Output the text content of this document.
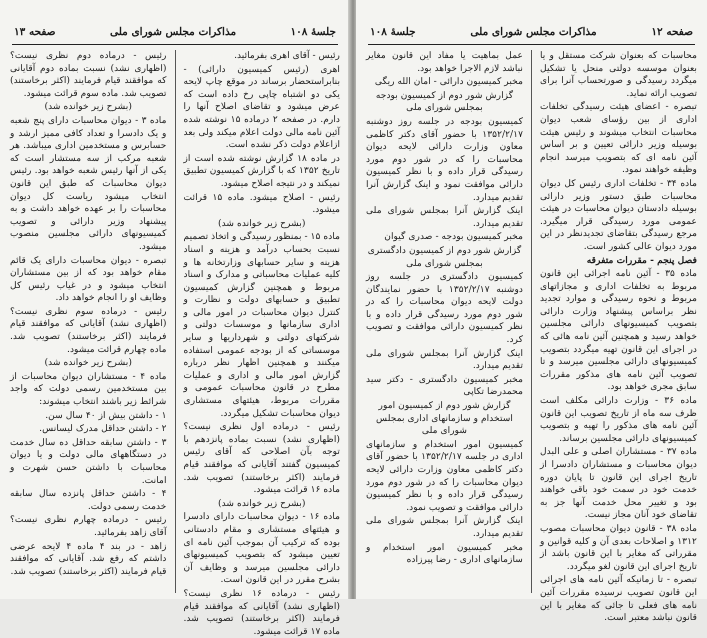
جلسهٔ ۱۰۸
مذاکرات مجلس شورای ملی
صفحه ۱۳

رئیس - آقای اهری بفرمائید.

اهری (رئیس کمیسیون دارائی) - بنابراستحضار برساند در موقع چاپ لایحه یکی دو اشتباه چاپی رخ داده است که عرض میشود و تقاضای اصلاح آنها را دارم. در صفحه ۲ درماده ۱۵ نوشته شده آئین نامه مالی دولت اعلام میکند ولی بعد ازاعلام دولت ذکر نشده است.

در ماده ۱۸ گزارش نوشته شده است از تاریخ ۱۳۵۲ که با گزارش کمیسیون تطبیق نمیکند و در نتیجه اصلاح میشود.

رئیس - اصلاح میشود. ماده ۱۵ قرائت میشود.

(بشرح زیر خوانده شد)

ماده ۱۵ - بمنظور رسیدگی و اتخاذ تصمیم نسبت بحساب درآمد و هزینه و اسناد هزینه و سایر حسابهای وزارتخانه ها و کلیه عملیات محاسباتی و مدارک و اسناد مربوط و همچنین گزارش کمیسیون تطبیق و حسابهای دولت و نظارت و کنترل دیوان محاسبات در امور مالی و اداری سازمانها و موسسات دولتی و شرکتهای دولتی و شهرداریها و سایر موسساتی که از بودجه عمومی استفاده میکنند و همچنین اظهار نظر درباره گزارش امور مالی و اداری و عملیات مطرح در قانون محاسبات عمومی و مقررات مربوط، هیئتهای مستشاری دیوان محاسبات تشکیل میگردد.

رئیس - درماده اول نظری نیست؟ (اظهاری نشد) نسبت بماده پانزدهم با توجه بآن اصلاحی که آقای رئیس کمیسیون گفتند آقایانی که موافقند قیام فرمایند (اکثر برخاستند) تصویب شد. ماده ۱۶ قرائت میشود.

(بشرح زیر خوانده شد)

ماده ۱۶ - دیوان محاسبات دارای دادسرا و هیئتهای مستشاری و مقام دادستانی بوده که ترکیب آن بموجب آئین نامه ای تعیین میشود که بتصویب کمیسیونهای دارائی مجلسین میرسد و وظایف آن بشرح مقرر در این قانون است.

رئیس - درماده ۱۶ نظری نیست؟ (اظهاری نشد) آقایانی که موافقند قیام فرمایند (اکثر برخاستند) تصویب شد. ماده ۱۷ قرائت میشود.

رئیس - درماده دوم نظری نیست؟ (اظهاری نشد) نسبت بماده دوم آقایانی که موافقند قیام فرمایند (اکثر برخاستند) تصویب شد. ماده سوم قرائت میشود.

(بشرح زیر خوانده شد)

ماده ۳ - دیوان محاسبات دارای پنج شعبه و یک دادسرا و تعداد کافی ممیز ارشد و حسابرس و مستخدمین اداری میباشد. هر شعبه مرکب از سه مستشار است که یکی از آنها رئیس شعبه خواهد بود. رئیس دیوان محاسبات که طبق این قانون انتخاب میشود ریاست کل دیوان محاسبات را بر عهده خواهد داشت و به پیشنهاد وزیر دارائی و تصویب کمیسیونهای دارائی مجلسین منصوب میشود.

تبصره - دیوان محاسبات دارای یک قائم مقام خواهد بود که از بین مستشاران انتخاب میشود و در غیاب رئیس کل وظایف او را انجام خواهد داد.

رئیس - درماده سوم نظری نیست؟ (اظهاری نشد) آقایانی که موافقند قیام فرمایند (اکثر برخاستند) تصویب شد. ماده چهارم قرائت میشود.

(بشرح زیر خوانده شد)

ماده ۴ - مستشاران دیوان محاسبات از بین مستخدمین رسمی دولت که واجد شرائط زیر باشند انتخاب میشوند:

۱ - داشتن بیش از ۴۰ سال سن.

۲ - داشتن حداقل مدرک لیسانس.

۳ - داشتن سابقه حداقل ده سال خدمت در دستگاههای مالی دولت و یا دیوان محاسبات با داشتن حسن شهرت و امانت.

۴ - داشتن حداقل پانزده سال سابقه خدمت رسمی دولت.

رئیس - درماده چهارم نظری نیست؟ آقای زاهد بفرمائید.

زاهد - در بند ۴ ماده ۴ لایحه عرضی داشتم که رفع شد. آقایانی که موافقند قیام فرمایند (اکثر برخاستند) تصویب شد.

صفحه ۱۲
مذاکرات مجلس شورای ملی
جلسهٔ ۱۰۸

محاسبات که بعنوان شرکت مستقل و یا بعنوان موسسه دولتی منحل یا تشکیل میگردد رسیدگی و صورتحساب آنرا برای تصویب ارائه نماید.

تبصره - اعضای هیئت رسیدگی تخلفات اداری از بین رؤسای شعب دیوان محاسبات انتخاب میشوند و رئیس هیئت بوسیله وزیر دارائی تعیین و بر اساس آئین نامه ای که بتصویب میرسد انجام وظیفه خواهند نمود.

ماده ۳۴ - تخلفات اداری رئیس کل دیوان محاسبات طبق دستور وزیر دارائی بوسیله دادستان دیوان محاسبات در هیئت عمومی مورد رسیدگی قرار میگیرد. مرجع رسیدگی بتقاضای تجدیدنظر در این مورد دیوان عالی کشور است.

فصل پنجم - مقررات متفرقه

ماده ۳۵ - آئین نامه اجرائی این قانون مربوط به تخلفات اداری و مجازاتهای مربوط و نحوه رسیدگی و موارد تجدید نظر براساس پیشنهاد وزارت دارائی بتصویب کمیسیونهای دارائی مجلسین خواهد رسید و همچنین آئین نامه هائی که در اجرای این قانون تهیه میگردد بتصویب کمیسیونهای دارائی مجلسین میرسد و تا تصویب آئین نامه های مذکور مقررات سابق مجری خواهد بود.

ماده ۳۶ - وزارت دارائی مکلف است ظرف سه ماه از تاریخ تصویب این قانون آئین نامه های مذکور را تهیه و بتصویب کمیسیونهای دارائی مجلسین برساند.

ماده ۳۷ - مستشاران اصلی و علی البدل دیوان محاسبات و مستشاران دادسرا از تاریخ اجرای این قانون تا پایان دوره خدمت خود در سمت خود باقی خواهند بود و تغییر محل خدمت آنها جز به تقاضای خود آنان مجاز نیست.

ماده ۳۸ - قانون دیوان محاسبات مصوب ۱۳۱۲ و اصلاحات بعدی آن و کلیه قوانین و مقرراتی که مغایر با این قانون باشد از تاریخ اجرای این قانون لغو میگردد.

تبصره - تا زمانیکه آئین نامه های اجرائی این قانون تصویب نرسیده مقررات آئین نامه های فعلی تا جائی که مغایر با این قانون نباشد معتبر است.

عمل بماهیت یا مفاد این قانون مغایر نباشد لازم الاجرا خواهد بود.

مخبر کمیسیون دارائی - امان الله ریگی

گزارش شور دوم از کمیسیون بودجه بمجلس شورای ملی

کمیسیون بودجه در جلسه روز دوشنبه ۱۳۵۲/۲/۱۷ با حضور آقای دکتر کاظمی معاون وزارت دارائی لایحه دیوان محاسبات را که در شور دوم مورد رسیدگی قرار داده و با نظر کمیسیون دارائی موافقت نمود و اینک گزارش آنرا تقدیم میدارد.

اینک گزارش آنرا بمجلس شورای ملی تقدیم میدارد.

مخبر کمیسیون بودجه - صدری گیوان

گزارش شور دوم از کمیسیون دادگستری بمجلس شورای ملی

کمیسیون دادگستری در جلسه روز دوشنبه ۱۳۵۲/۲/۱۷ با حضور نمایندگان دولت لایحه دیوان محاسبات را که در شور دوم مورد رسیدگی قرار داده و با نظر کمیسیون دارائی موافقت و تصویب کرد.

اینک گزارش آنرا بمجلس شورای ملی تقدیم میدارد.

مخبر کمیسیون دادگستری - دکتر سید محمدرضا تکاپی

گزارش شور دوم از کمیسیون امور استخدام و سازمانهای اداری بمجلس شورای ملی

کمیسیون امور استخدام و سازمانهای اداری در جلسه ۱۳۵۲/۲/۱۷ با حضور آقای دکتر کاظمی معاون وزارت دارائی لایحه دیوان محاسبات را که در شور دوم مورد رسیدگی قرار داده و با نظر کمیسیون دارائی موافقت و تصویب نمود.

اینک گزارش آنرا بمجلس شورای ملی تقدیم میدارد.

مخبر کمیسیون امور استخدام و سازمانهای اداری - رضا پیرزاده
